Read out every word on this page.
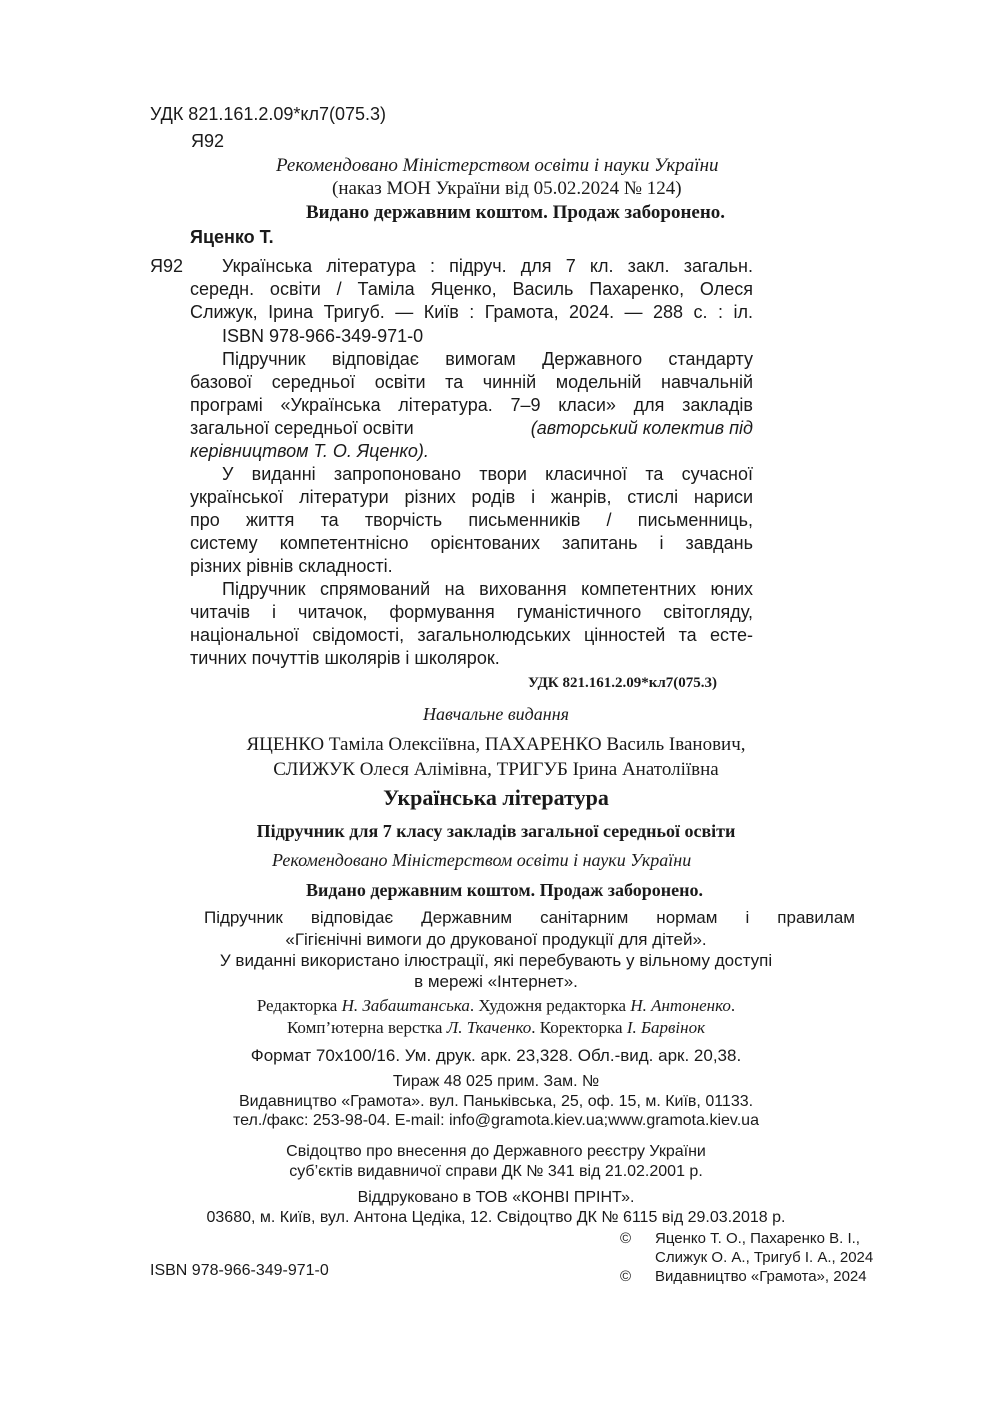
УДК 821.161.2.09*кл7(075.3)
Я92
Рекомендовано Міністерством освіти і науки України
(наказ МОН України від 05.02.2024 № 124)
Видано державним коштом. Продаж заборонено.
Яценко Т.
Я92 Українська література : підруч. для 7 кл. закл. загальн.
середн. освіти / Таміла Яценко, Василь Пахаренко, Олеся
Слижук, Ірина Тригуб. — Київ : Грамота, 2024. — 288 с. : іл.
ISBN 978-966-349-971-0
Підручник відповідає вимогам Державного стандарту
базової середньої освіти та чинній модельній навчальній
програмі «Українська література. 7–9 класи» для закладів
загальної середньої освіти	(авторський колектив під
керівництвом Т. О. Яценко).
У виданні запропоновано твори класичної та сучасної
української літератури різних родів і жанрів, стислі нариси
про життя та творчість письменників / письменниць,
систему компетентнісно орієнтованих запитань і завдань
різних рівнів складності.
Підручник спрямований на виховання компетентних юних
читачів і читачок, формування гуманістичного світогляду,
національної свідомості, загальнолюдських цінностей та есте-
тичних почуттів школярів і школярок.
УДК 821.161.2.09*кл7(075.3)
Навчальне видання
ЯЦЕНКО Таміла Олексіївна, ПАХАРЕНКО Василь Іванович,
СЛИЖУК Олеся Алімівна, ТРИГУБ Ірина Анатоліївна
Українська література
Підручник для 7 класу закладів загальної середньої освіти
Рекомендовано Міністерством освіти і науки України
Видано державним коштом. Продаж заборонено.
Підручник відповідає Державним санітарним нормам і правилам
«Гігієнічні вимоги до друкованої продукції для дітей».
У виданні використано ілюстрації, які перебувають у вільному доступі
в мережі «Інтернет».
Редакторка Н. Забаштанська. Художня редакторка Н. Антоненко.
Комп’ютерна верстка Л. Ткаченко. Коректорка І. Барвінок
Формат 70х100/16. Ум. друк. арк. 23,328. Обл.-вид. арк. 20,38.
Тираж 48 025 прим. Зам. №
Видавництво «Грамота». вул. Паньківська, 25, оф. 15, м. Київ, 01133.
тел./факс: 253-98-04. E-mail: info@gramota.kiev.ua;www.gramota.kiev.ua
Свідоцтво про внесення до Державного реєстру України
суб’єктів видавничої справи ДК № 341 від 21.02.2001 р.
Віддруковано в ТОВ «КОНВІ ПРІНТ».
03680, м. Київ, вул. Антона Цедіка, 12. Свідоцтво ДК № 6115 від 29.03.2018 р.
ISBN 978-966-349-971-0
© Яценко Т. О., Пахаренко В. І.,
Слижук О. А., Тригуб І. А., 2024
© Видавництво «Грамота», 2024
